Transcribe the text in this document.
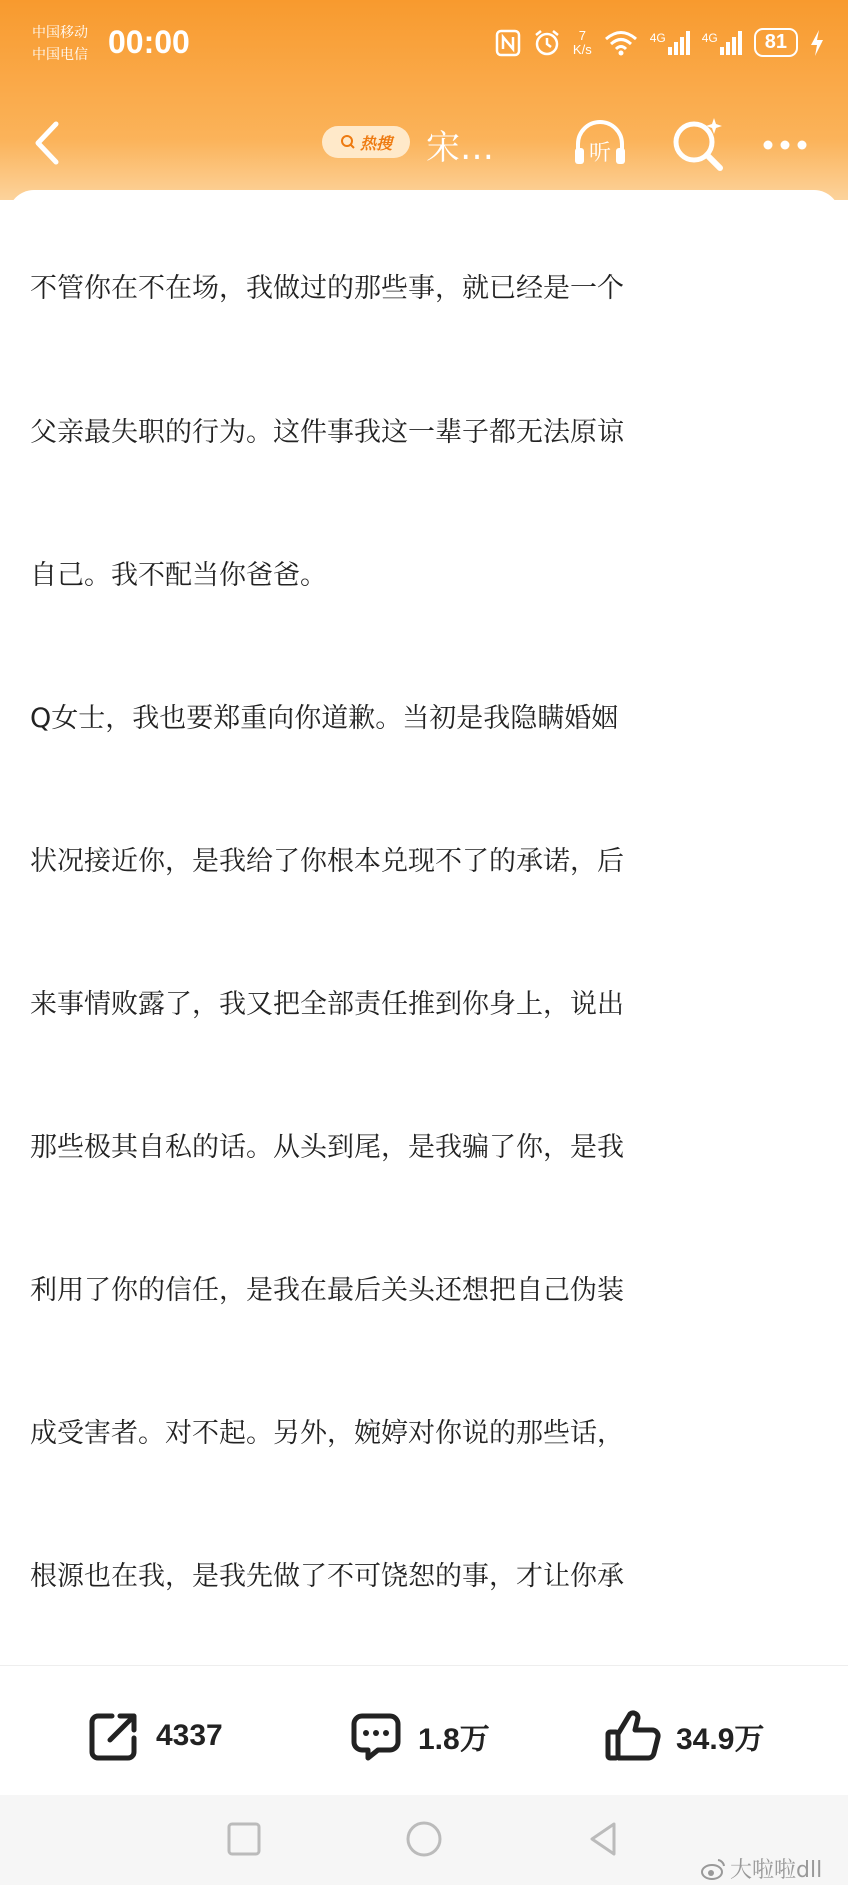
中国移动
中国电信 00:00	7
K/s
4G	4G	81
热搜 宋…	听

不管你在不在场，我做过的那些事，就已经是一个

父亲最失职的行为。这件事我这一辈子都无法原谅

自己。我不配当你爸爸。

Q女士，我也要郑重向你道歉。当初是我隐瞒婚姻

状况接近你，是我给了你根本兑现不了的承诺，后

来事情败露了，我又把全部责任推到你身上，说出

那些极其自私的话。从头到尾，是我骗了你，是我

利用了你的信任，是我在最后关头还想把自己伪装

成受害者。对不起。另外，婉婷对你说的那些话，

根源也在我，是我先做了不可饶恕的事，才让你承

4337	1.8万	34.9万
大啦啦dll
